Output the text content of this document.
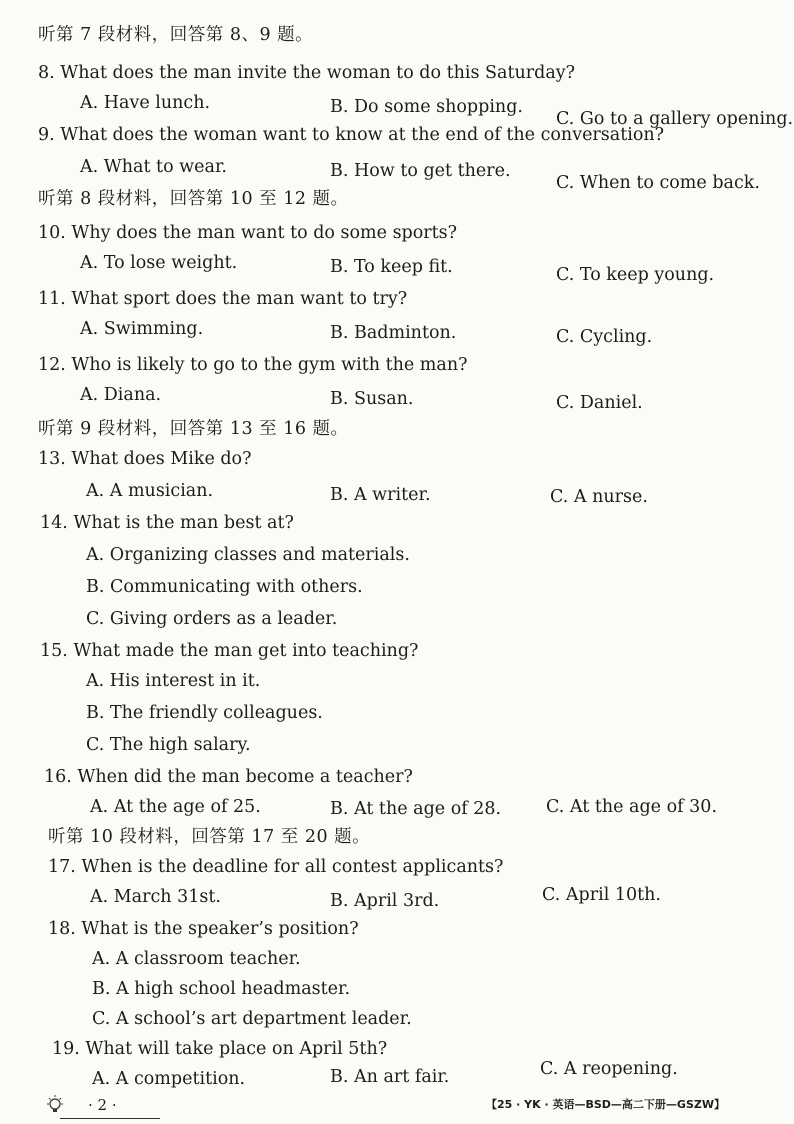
听第 7 段材料，回答第 8、9 题。
8. What does the man invite the woman to do this Saturday?
A. Have lunch.	B. Do some shopping.
C. Go to a gallery opening.
9. What does the woman want to know at the end of the conversation?
A. What to wear.	B. How to get there.
C. When to come back.
听第 8 段材料，回答第 10 至 12 题。
10. Why does the man want to do some sports?
A. To lose weight.	B. To keep fit.	C. To keep young.
11. What sport does the man want to try?
A. Swimming.	B. Badminton.	C. Cycling.
12. Who is likely to go to the gym with the man?
A. Diana.	B. Susan.	C. Daniel.
听第 9 段材料，回答第 13 至 16 题。
13. What does Mike do?
A. A musician.	B. A writer.	C. A nurse.
14. What is the man best at?
A. Organizing classes and materials.
B. Communicating with others.
C. Giving orders as a leader.
15. What made the man get into teaching?
A. His interest in it.
B. The friendly colleagues.
C. The high salary.
16. When did the man become a teacher?
A. At the age of 25.	B. At the age of 28.	C. At the age of 30.
听第 10 段材料，回答第 17 至 20 题。
17. When is the deadline for all contest applicants?
A. March 31st.	B. April 3rd.	C. April 10th.
18. What is the speaker’s position?
A. A classroom teacher.
B. A high school headmaster.
C. A school’s art department leader.
19. What will take place on April 5th?
A. A competition.	B. An art fair.	C. A reopening.
· 2 ·	【25 · YK · 英语—BSD—高二下册—GSZW】
